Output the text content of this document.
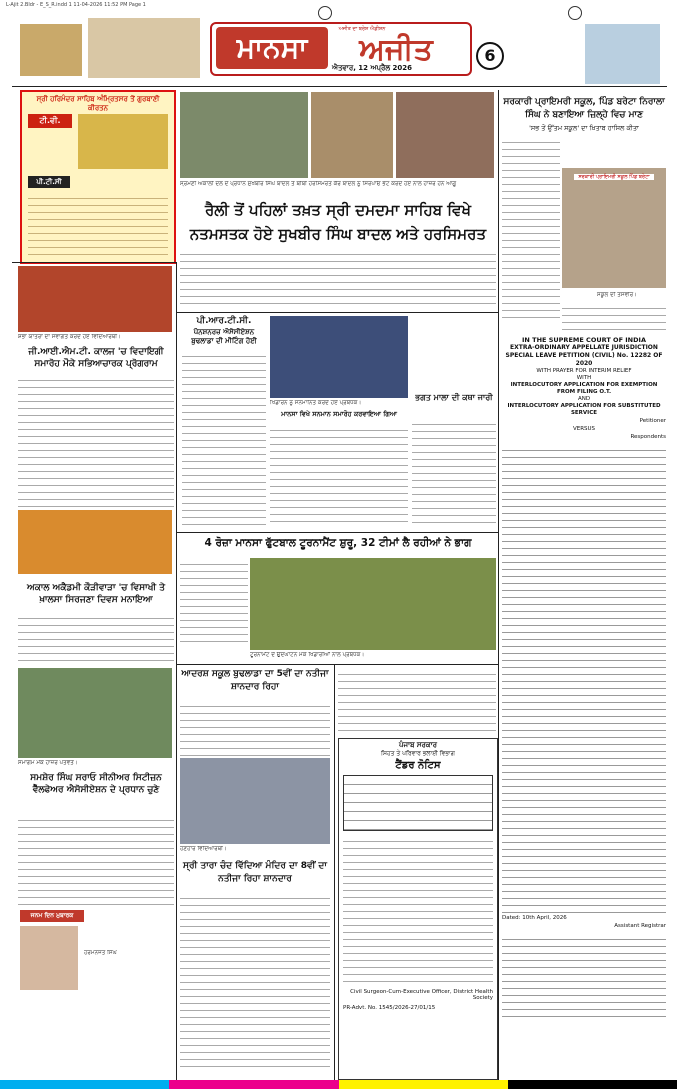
L-Ajit 2.Bldr - E_S_R.indd 1 11-04-2026 11:52 PM Page 1
ਮਾਨਸਾ
ਅਜੀਤ ਦਾ ਬਰੇਸ਼ ਐਡੀਸ਼ਨ
ਅਜੀਤ
ਐਤਵਾਰ, 12 ਅਪ੍ਰੈਲ 2026
6
ਸ੍ਰੀ ਹਰਿਮੰਦਰ ਸਾਹਿਬ ਅੰਮ੍ਰਿਤਸਰ ਤੋਂ ਗੁਰਬਾਣੀ ਕੀਰਤਨ
ਟੀ.ਵੀ.
ਪੀ.ਟੀ.ਸੀ	ਸ੍ਰੋਮਣੀ ਅਕਾਲੀ ਦਲ ਦੇ ਪ੍ਰਧਾਨ ਸੁਖਬੀਰ ਸਿੰਘ ਬਾਦਲ ਤੇ ਬੀਬੀ ਹਰਸਿਮਰਤ ਕੌਰ ਬਾਦਲ ਨੂੰ ਸਿਰੋਪਾਓ ਭੇਟ ਕਰਦੇ ਹੋਏ ਨਾਲ ਹਾਜ਼ਰ ਹਨ ਆਗੂ
ਰੈਲੀ ਤੋਂ ਪਹਿਲਾਂ ਤਖ਼ਤ ਸ੍ਰੀ ਦਮਦਮਾ ਸਾਹਿਬ ਵਿਖੇ ਨਤਮਸਤਕ ਹੋਏ ਸੁਖਬੀਰ ਸਿੰਘ ਬਾਦਲ ਅਤੇ ਹਰਸਿਮਰਤ
ਸਰਕਾਰੀ ਪ੍ਰਾਇਮਰੀ ਸਕੂਲ, ਪਿੰਡ ਬਰੇਟਾ ਨਿਰਾਲਾ ਸਿੰਘ ਨੇ ਬਣਾਇਆ ਜ਼ਿਲ੍ਹੇ ਵਿਚ ਮਾਣ
'ਸਭ ਤੋਂ ਉੱਤਮ ਸਕੂਲ' ਦਾ ਖ਼ਿਤਾਬ ਹਾਸਿਲ ਕੀਤਾ
ਸਰਕਾਰੀ ਪ੍ਰਾਇਮਰੀ ਸਕੂਲ ਪਿੰਡ ਬਰੇਟਾ
ਸਕੂਲ ਦੀ ਤਸਵੀਰ।
ਸ਼ੋਭਾ ਯਾਤਰਾ ਦਾ ਸਵਾਗਤ ਕਰਦੇ ਹੋਏ ਵਿਦਿਆਰਥੀ।
ਜੀ.ਆਈ.ਐਮ.ਟੀ. ਕਾਲਜ 'ਚ ਵਿਦਾਇਗੀ ਸਮਾਰੋਹ ਮੌਕੇ ਸਭਿਆਚਾਰਕ ਪ੍ਰੋਗਰਾਮ
ਅਕਾਲ ਅਕੈਡਮੀ ਕੌੜੀਵਾੜਾ 'ਚ ਵਿਸਾਖੀ ਤੇ ਖ਼ਾਲਸਾ ਸਿਰਜਣਾ ਦਿਵਸ ਮਨਾਇਆ
ਸਮਾਗਮ ਮੌਕੇ ਹਾਜ਼ਰ ਪਤਵੰਤੇ।
ਸਮਸ਼ੇਰ ਸਿੰਘ ਸਰਾਓ ਸੀਨੀਅਰ ਸਿਟੀਜ਼ਨ ਵੈੱਲਫੇਅਰ ਐਸੋਸੀਏਸ਼ਨ ਦੇ ਪ੍ਰਧਾਨ ਚੁਣੇ
ਜਨਮ ਦਿਨ ਮੁਬਾਰਕ
ਹਰਮਨਜੋਤ ਸਿੰਘ
ਪੀ.ਆਰ.ਟੀ.ਸੀ.
ਪੈਨਸ਼ਨਰਜ਼ ਐਸੋਸੀਏਸ਼ਨ ਬੁਢਲਾਡਾ ਦੀ ਮੀਟਿੰਗ ਹੋਈ
ਖਿਡਾਰਨ ਨੂੰ ਸਨਮਾਨਿਤ ਕਰਦੇ ਹੋਏ ਪ੍ਰਬੰਧਕ।
ਮਾਨਸਾ ਵਿਖੇ ਸਨਮਾਨ ਸਮਾਰੋਹ ਕਰਵਾਇਆ ਗਿਆ
ਭਗਤ ਮਾਲਾ ਦੀ ਕਥਾ ਜਾਰੀ
4 ਰੋਜ਼ਾ ਮਾਨਸਾ ਫੁੱਟਬਾਲ ਟੂਰਨਾਮੈਂਟ ਸ਼ੁਰੂ, 32 ਟੀਮਾਂ ਲੈ ਰਹੀਆਂ ਨੇ ਭਾਗ
ਟੂਰਨਾਮੈਂਟ ਦੇ ਉਦਘਾਟਨ ਮੌਕੇ ਖਿਡਾਰੀਆਂ ਨਾਲ ਪ੍ਰਬੰਧਕ।
ਆਦਰਸ਼ ਸਕੂਲ ਬੁਢਲਾਡਾ ਦਾ 5ਵੀਂ ਦਾ ਨਤੀਜਾ ਸ਼ਾਨਦਾਰ ਰਿਹਾ
ਹੋਣਹਾਰ ਵਿਦਿਆਰਥੀ।
ਸ੍ਰੀ ਤਾਰਾ ਚੰਦ ਵਿੱਦਿਆ ਮੰਦਿਰ ਦਾ 8ਵੀਂ ਦਾ ਨਤੀਜਾ ਰਿਹਾ ਸ਼ਾਨਦਾਰ
ਪੰਜਾਬ ਸਰਕਾਰ
ਸਿਹਤ ਤੇ ਪਰਿਵਾਰ ਭਲਾਈ ਵਿਭਾਗ
ਟੈਂਡਰ ਨੋਟਿਸ
Civil Surgeon-Cum-Executive Officer, District Health Society
PR-Advt. No. 1545/2026-27/01/15
IN THE SUPREME COURT OF INDIA
EXTRA-ORDINARY APPELLATE JURISDICTION
SPECIAL LEAVE PETITION (CIVIL) No. 12282 OF 2020
WITH PRAYER FOR INTERIM RELIEF
WITH
INTERLOCUTORY APPLICATION FOR EXEMPTION FROM FILING O.T.
AND
INTERLOCUTORY APPLICATION FOR SUBSTITUTED SERVICE
Petitioner
VERSUS
Respondents
Dated: 10th April, 2026
Assistant Registrar
